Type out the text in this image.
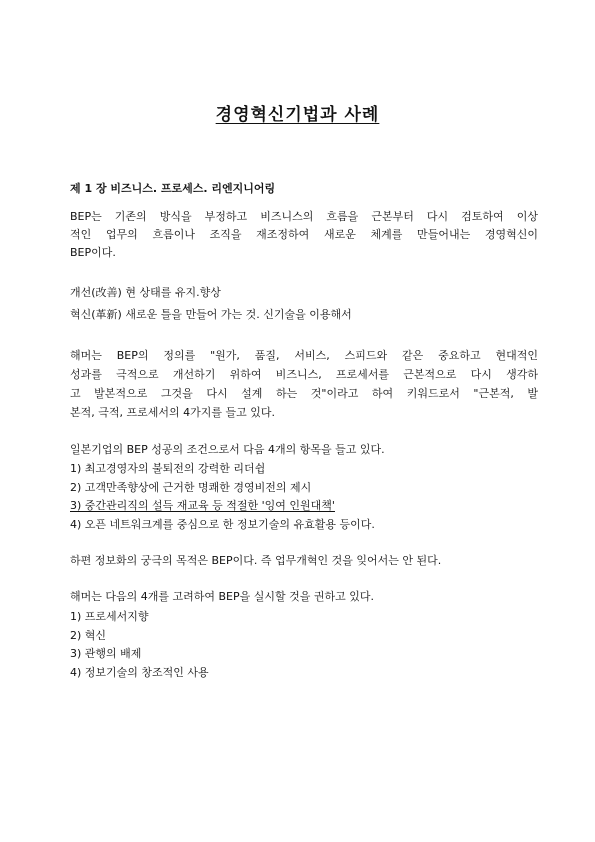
경영혁신기법과 사례
제 1 장 비즈니스. 프로세스. 리엔지니어링
BEP는 기존의 방식을 부정하고 비즈니스의 흐름을 근본부터 다시 검토하여 이상
적인 업무의 흐름이나 조직을 재조정하여 새로운 체계를 만들어내는 경영혁신이
BEP이다.
개선(改善) 현 상태를 유지.향상
혁신(革新) 새로운 틀을 만들어 가는 것. 신기술을 이용해서
해머는 BEP의 정의를 "원가, 품질, 서비스, 스피드와 같은 중요하고 현대적인
성과를 극적으로 개선하기 위하여 비즈니스, 프로세서를 근본적으로 다시 생각하
고 발본적으로 그것을 다시 설계 하는 것"이라고 하여 키워드로서 "근본적, 발
본적, 극적, 프로세서의 4가지를 들고 있다.
일본기업의 BEP 성공의 조건으로서 다음 4개의 항목을 들고 있다.
1) 최고경영자의 불퇴전의 강력한 리더쉽
2) 고객만족향상에 근거한 명쾌한 경영비전의 제시
3) 중간관리직의 설득 재교육 등 적절한 '잉여 인원대책'
4) 오픈 네트워크계를 중심으로 한 정보기술의 유효활용 등이다.
하편 정보화의 궁극의 목적은 BEP이다. 즉 업무개혁인 것을 잊어서는 안 된다.
해머는 다음의 4개를 고려하여 BEP을 실시할 것을 권하고 있다.
1) 프로세서지향
2) 혁신
3) 관행의 배제
4) 정보기술의 창조적인 사용
